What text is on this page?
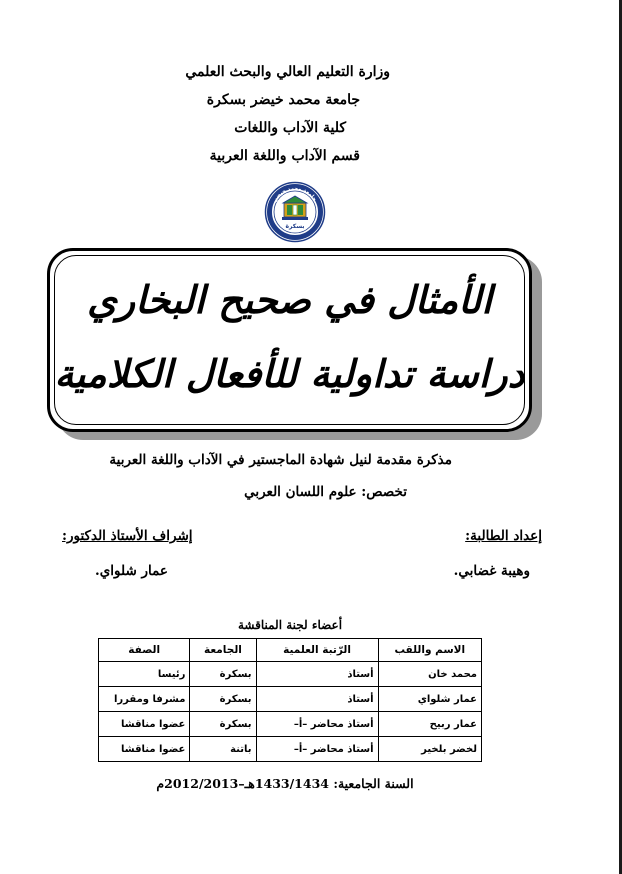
وزارة التعليم العالي والبحث العلمي
جامعة محمد خيضر بسكرة
كلية الآداب واللغات
قسم الآداب واللغة العربية
جامعة محمد خيضر
بسكرة
الأمثال في صحيح البخاري
دراسة تداولية للأفعال الكلامية
مذكرة مقدمة لنيل شهادة الماجستير في الآداب واللغة العربية
تخصص: علوم اللسان العربي
إشراف الأستاذ الدكتور:
عمار شلواي.
إعداد الطالبة:
وهيبة غضابي.
أعضاء لجنة المناقشة
الاسم واللقب	الرّتبة العلمية	الجامعة	الصفة
محمد خان	أستاذ	بسكرة	رئيسا
عمار شلواي	أستاذ	بسكرة	مشرفا ومقررا
عمار ربيح	أستاذ محاضر –أ–	بسكرة	عضوا مناقشا
لخضر بلخير	أستاذ محاضر –أ–	باتنة	عضوا مناقشا
السنة الجامعية: 1433/1434هـ–2012/2013م
